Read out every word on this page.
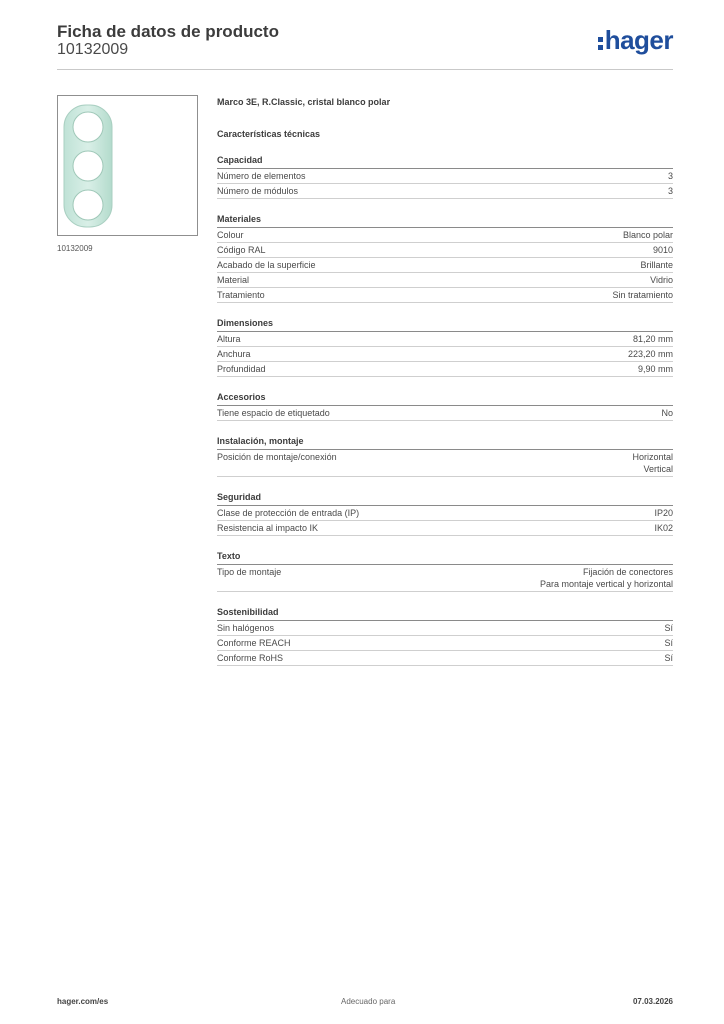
Ficha de datos de producto
10132009	hager
10132009
Marco 3E, R.Classic, cristal blanco polar
Características técnicas
Capacidad
Número de elementos	3
Número de módulos	3
Materiales
Colour	Blanco polar
Código RAL	9010
Acabado de la superficie	Brillante
Material	Vidrio
Tratamiento	Sin tratamiento
Dimensiones
Altura	81,20 mm
Anchura	223,20 mm
Profundidad	9,90 mm
Accesorios
Tiene espacio de etiquetado	No
Instalación, montaje
Posición de montaje/conexión	Horizontal
Vertical
Seguridad
Clase de protección de entrada (IP)	IP20
Resistencia al impacto IK	IK02
Texto
Tipo de montaje	Fijación de conectores
Para montaje vertical y horizontal
Sostenibilidad
Sin halógenos	Sí
Conforme REACH	Sí
Conforme RoHS	Sí
hager.com/es	Adecuado para	07.03.2026
